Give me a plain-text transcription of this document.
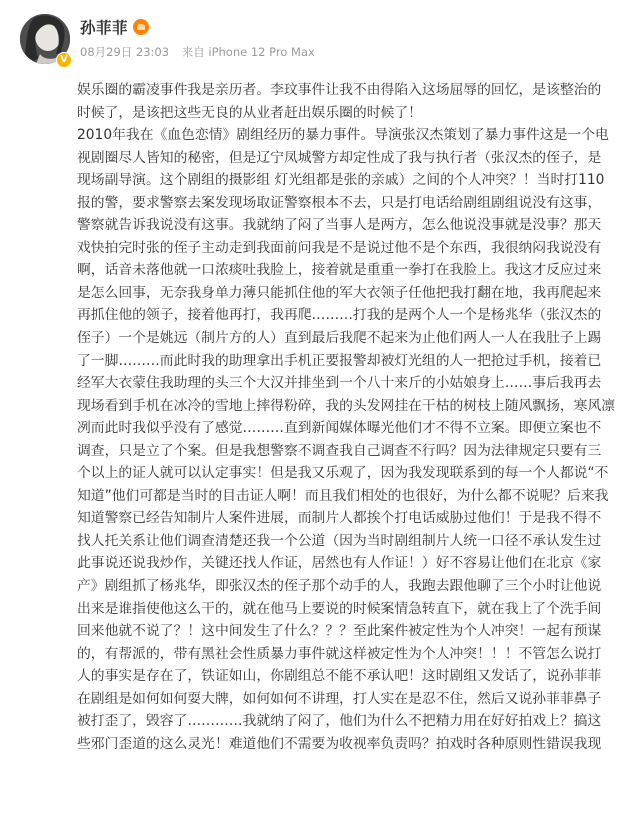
V
孙菲菲
08月29日 23:03 来自 iPhone 12 Pro Max
娱乐圈的霸凌事件我是亲历者。李玟事件让我不由得陷入这场屈辱的回忆，是该整治的
时候了，是该把这些无良的从业者赶出娱乐圈的时候了！
2010年我在《血色恋情》剧组经历的暴力事件。导演张汉杰策划了暴力事件这是一个电
视剧圈尽人皆知的秘密，但是辽宁凤城警方却定性成了我与执行者（张汉杰的侄子，是
现场副导演。这个剧组的摄影组 灯光组都是张的亲戚）之间的个人冲突？！当时打110
报的警，要求警察去案发现场取证警察根本不去，只是打电话给剧组剧组说没有这事，
警察就告诉我说没有这事。我就纳了闷了当事人是两方，怎么他说没事就是没事？那天
戏快拍完时张的侄子主动走到我面前问我是不是说过他不是个东西，我很纳闷我说没有
啊，话音未落他就一口浓痰吐我脸上，接着就是重重一拳打在我脸上。我这才反应过来
是怎么回事，无奈我身单力薄只能抓住他的军大衣领子任他把我打翻在地，我再爬起来
再抓住他的领子，接着他再打，我再爬………打我的是两个人一个是杨兆华（张汉杰的
侄子）一个是姚远（制片方的人）直到最后我爬不起来为止他们两人一人在我肚子上踢
了一脚………而此时我的助理拿出手机正要报警却被灯光组的人一把抢过手机，接着已
经军大衣蒙住我助理的头三个大汉并排坐到一个八十来斤的小姑娘身上……事后我再去
现场看到手机在冰冷的雪地上摔得粉碎，我的头发网挂在干枯的树枝上随风飘扬，寒风凛
冽而此时我似乎没有了感觉………直到新闻媒体曝光他们才不得不立案。即便立案也不
调查，只是立了个案。但是我想警察不调查我自己调查不行吗？因为法律规定只要有三
个以上的证人就可以认定事实！但是我又乐观了，因为我发现联系到的每一个人都说“不
知道”他们可都是当时的目击证人啊！而且我们相处的也很好，为什么都不说呢？后来我
知道警察已经告知制片人案件进展，而制片人都挨个打电话威胁过他们！于是我不得不
找人托关系让他们调查清楚还我一个公道（因为当时剧组制片人统一口径不承认发生过
此事说还说我炒作，关键还找人作证，居然也有人作证！）好不容易让他们在北京《家
产》剧组抓了杨兆华，即张汉杰的侄子那个动手的人，我跑去跟他聊了三个小时让他说
出来是谁指使他这么干的，就在他马上要说的时候案情急转直下，就在我上了个洗手间
回来他就不说了？！这中间发生了什么？？？至此案件被定性为个人冲突！一起有预谋
的，有帮派的，带有黑社会性质暴力事件就这样被定性为个人冲突！！！不管怎么说打
人的事实是存在了，铁证如山，你剧组总不能不承认吧！这时剧组又发话了，说孙菲菲
在剧组是如何如何耍大牌，如何如何不讲理，打人实在是忍不住，然后又说孙菲菲鼻子
被打歪了，毁容了…………我就纳了闷了，他们为什么不把精力用在好好拍戏上？搞这
些邪门歪道的这么灵光！难道他们不需要为收视率负责吗？拍戏时各种原则性错误我现
